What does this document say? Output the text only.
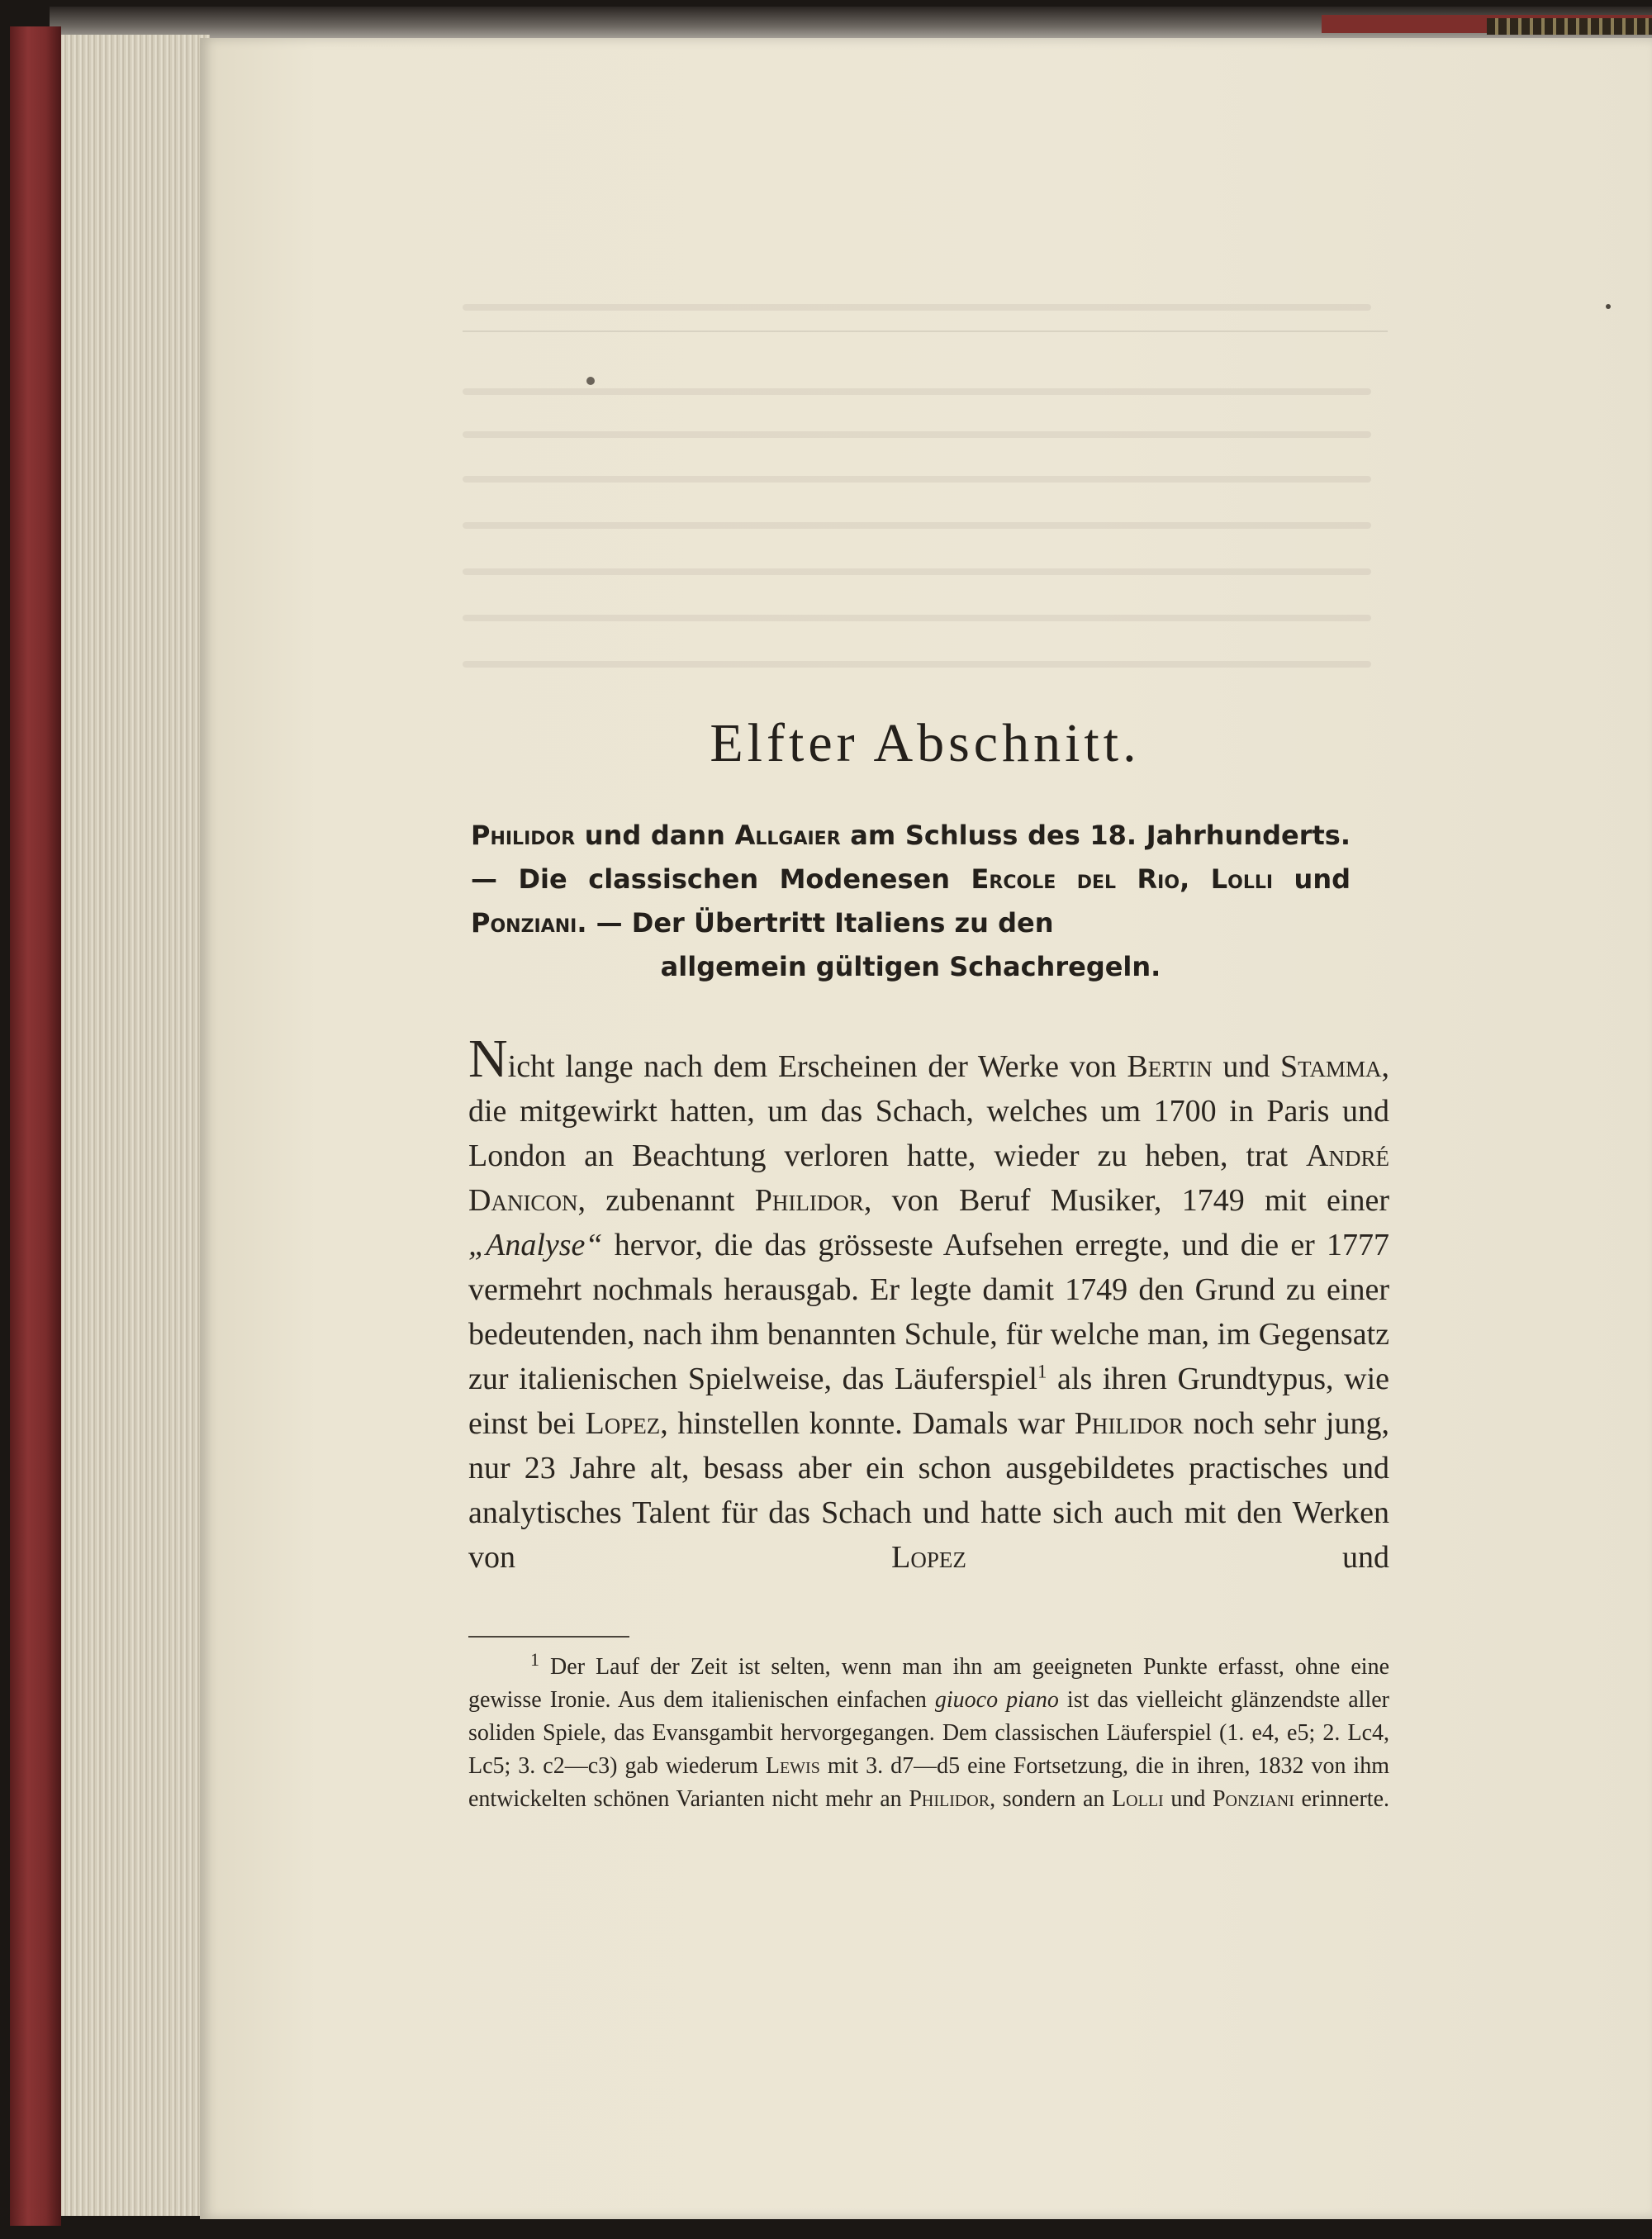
Elfter Abschnitt.

Philidor und dann Allgaier am Schluss des 18. Jahrhunderts. — Die classischen Modenesen Ercole del Rio, Lolli und Ponziani. — Der Übertritt Italiens zu den
allgemein gültigen Schachregeln.

Nicht lange nach dem Erscheinen der Werke von Bertin und Stamma, die mitgewirkt hatten, um das Schach, welches um 1700 in Paris und London an Beachtung verloren hatte, wieder zu heben, trat André Danicon, zubenannt Philidor, von Beruf Musiker, 1749 mit einer „Analyse“ hervor, die das grösseste Aufsehen erregte, und die er 1777 vermehrt nochmals herausgab. Er legte damit 1749 den Grund zu einer bedeutenden, nach ihm benannten Schule, für welche man, im Gegensatz zur italienischen Spielweise, das Läuferspiel$^1$ als ihren Grundtypus, wie einst bei Lopez, hinstellen konnte. Damals war Philidor noch sehr jung, nur 23 Jahre alt, besass aber ein schon ausgebildetes practisches und analytisches Talent für das Schach und hatte sich auch mit den Werken von Lopez und

$^1$ Der Lauf der Zeit ist selten, wenn man ihn am geeigneten Punkte erfasst, ohne eine gewisse Ironie. Aus dem italienischen einfachen giuoco piano ist das vielleicht glänzendste aller soliden Spiele, das Evansgambit hervorgegangen. Dem classischen Läuferspiel (1. e4, e5; 2. Lc4, Lc5; 3. c2—c3) gab wiederum Lewis mit 3. d7—d5 eine Fortsetzung, die in ihren, 1832 von ihm entwickelten schönen Varianten nicht mehr an Philidor, sondern an Lolli und Ponziani erinnerte.
